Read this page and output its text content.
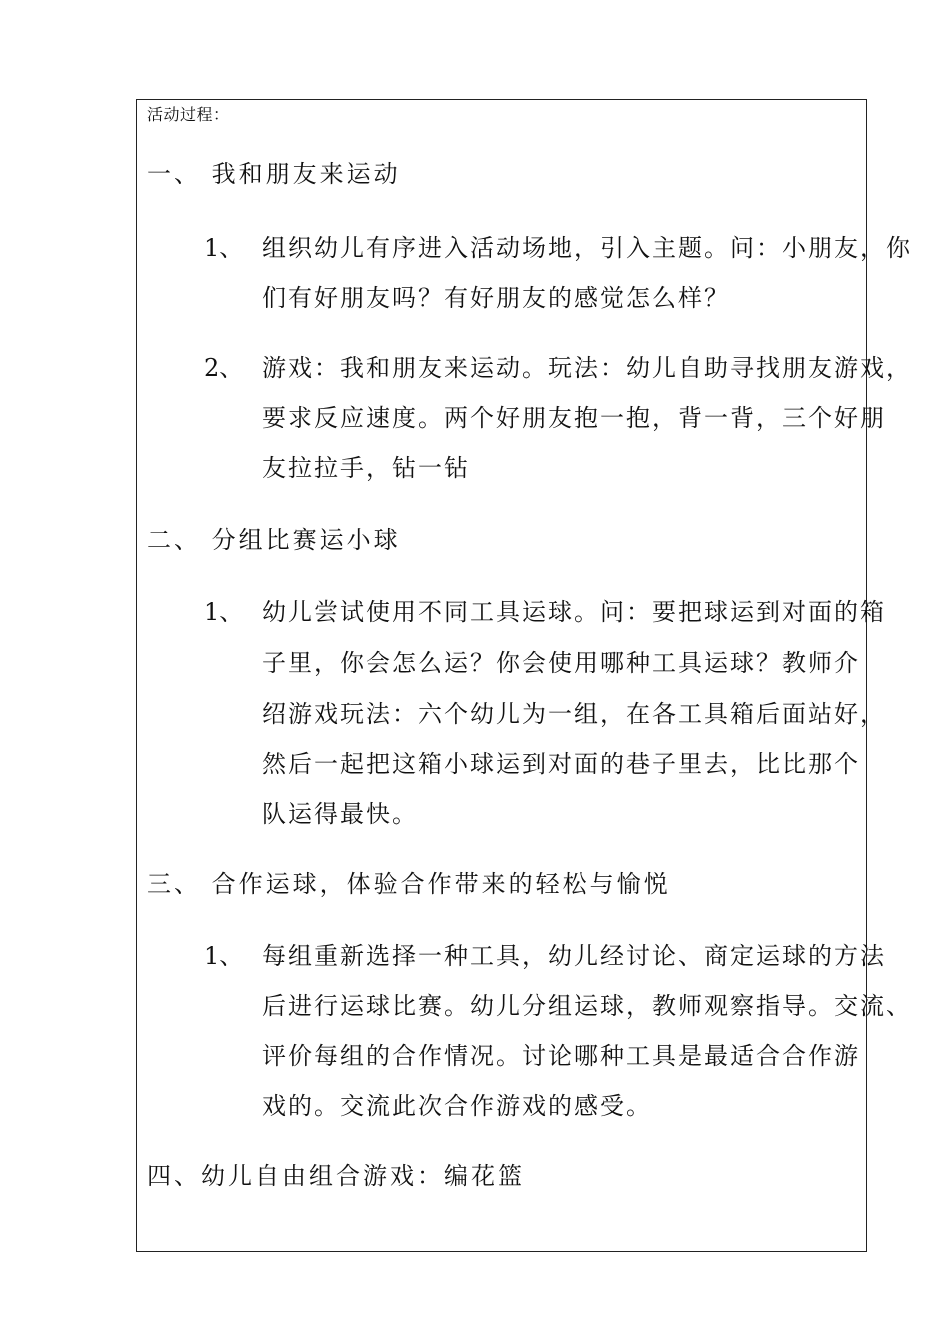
活动过程：
一、 我和朋友来运动
1、 组织幼儿有序进入活动场地，引入主题。问：小朋友，你
们有好朋友吗？有好朋友的感觉怎么样？
2、 游戏：我和朋友来运动。玩法：幼儿自助寻找朋友游戏，
要求反应速度。两个好朋友抱一抱，背一背，三个好朋
友拉拉手，钻一钻
二、 分组比赛运小球
1、 幼儿尝试使用不同工具运球。问：要把球运到对面的箱
子里，你会怎么运？你会使用哪种工具运球？教师介
绍游戏玩法：六个幼儿为一组，在各工具箱后面站好，
然后一起把这箱小球运到对面的巷子里去，比比那个
队运得最快。
三、 合作运球，体验合作带来的轻松与愉悦
1、 每组重新选择一种工具，幼儿经讨论、商定运球的方法
后进行运球比赛。幼儿分组运球，教师观察指导。交流、
评价每组的合作情况。讨论哪种工具是最适合合作游
戏的。交流此次合作游戏的感受。
四、幼儿自由组合游戏：编花篮
